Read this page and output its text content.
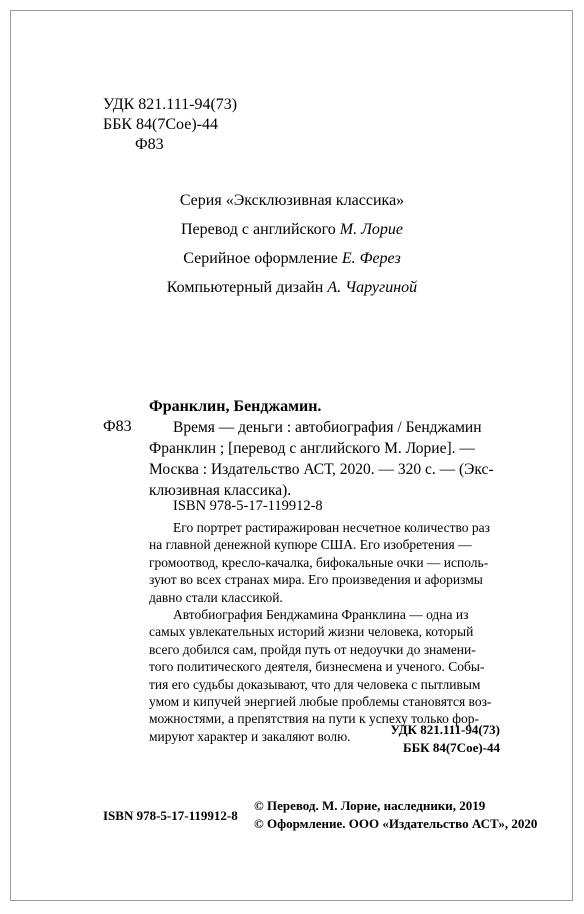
УДК 821.111-94(73)
ББК 84(7Сое)-44
Ф83
Серия «Эксклюзивная классика»
Перевод с английского М. Лорие
Серийное оформление Е. Ферез
Компьютерный дизайн А. Чаругиной
Франклин, Бенджамин.
Ф83	Время — деньги : автобиография / Бенджамин
Франклин ; [перевод с английского М. Лорие]. —
Москва : Издательство АСТ, 2020. — 320 с. — (Экс-
клюзивная классика).
ISBN 978-5-17-119912-8
Его портрет растиражирован несчетное количество раз
на главной денежной купюре США. Его изобретения —
громоотвод, кресло-качалка, бифокальные очки — исполь-
зуют во всех странах мира. Его произведения и афоризмы
давно стали классикой.
Автобиография Бенджамина Франклина — одна из
самых увлекательных историй жизни человека, который
всего добился сам, пройдя путь от недоучки до знамени-
того политического деятеля, бизнесмена и ученого. Собы-
тия его судьбы доказывают, что для человека с пытливым
умом и кипучей энергией любые проблемы становятся воз-
можностями, а препятствия на пути к успеху только фор-
мируют характер и закаляют волю.	УДК 821.111-94(73)
ББК 84(7Сое)-44
ISBN 978-5-17-119912-8
© Перевод. М. Лорие, наследники, 2019
© Оформление. ООО «Издательство АСТ», 2020
